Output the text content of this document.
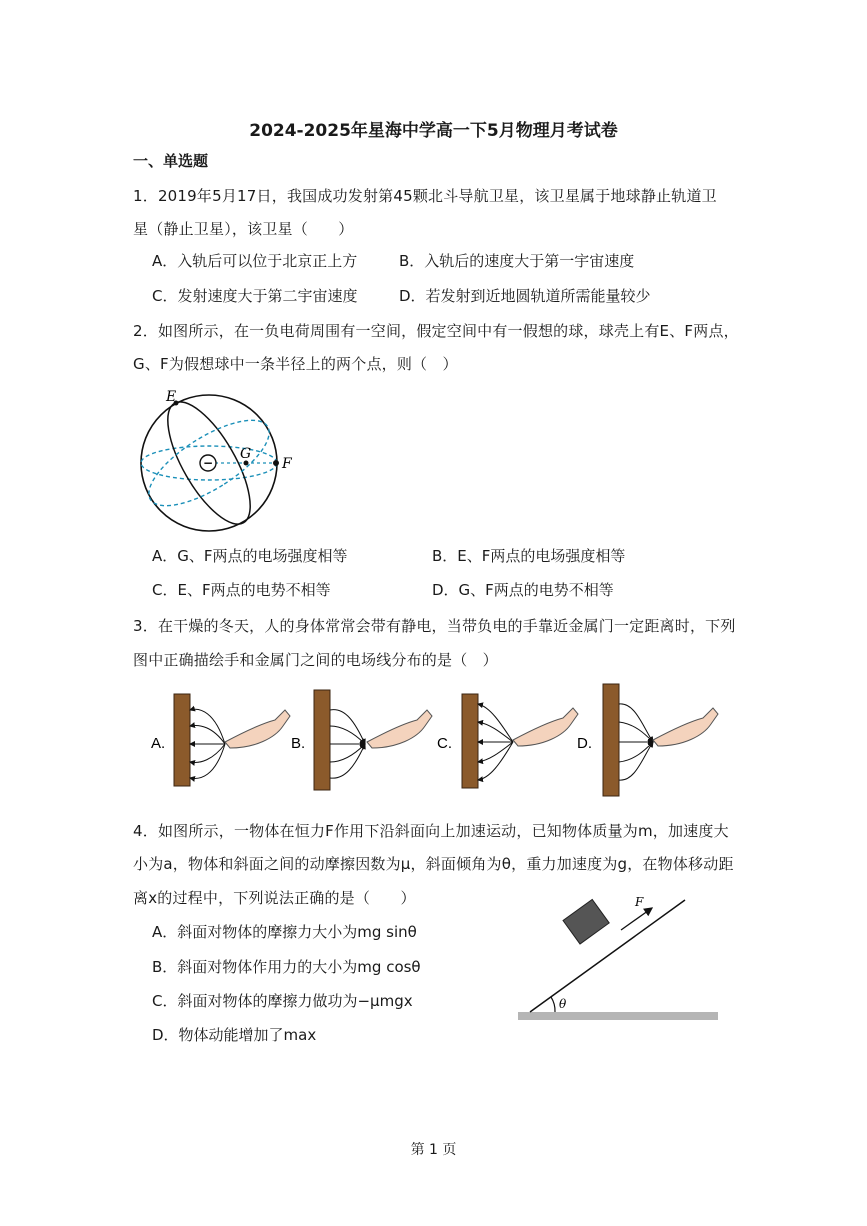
2024-2025年星海中学高一下5月物理月考试卷
一、单选题
1．2019年5月17日，我国成功发射第45颗北斗导航卫星，该卫星属于地球静止轨道卫
星（静止卫星），该卫星（　　）
A．入轨后可以位于北京正上方	B．入轨后的速度大于第一宇宙速度
C．发射速度大于第二宇宙速度	D．若发射到近地圆轨道所需能量较少
2．如图所示，在一负电荷周围有一空间，假定空间中有一假想的球，球壳上有E、F两点，
G、F为假想球中一条半径上的两个点，则（　）
−
E
G
F
A．G、F两点的电场强度相等	B．E、F两点的电场强度相等
C．E、F两点的电势不相等	D．G、F两点的电势不相等
3．在干燥的冬天，人的身体常常会带有静电，当带负电的手靠近金属门一定距离时，下列
图中正确描绘手和金属门之间的电场线分布的是（　）
A.	B.	C.	D.
4．如图所示，一物体在恒力F作用下沿斜面向上加速运动，已知物体质量为m，加速度大
小为a，物体和斜面之间的动摩擦因数为μ，斜面倾角为θ，重力加速度为g，在物体移动距
离x的过程中，下列说法正确的是（　　）
A．斜面对物体的摩擦力大小为mg sinθ
B．斜面对物体作用力的大小为mg cosθ
C．斜面对物体的摩擦力做功为−μmgx
D．物体动能增加了max
θ
F
第 1 页
